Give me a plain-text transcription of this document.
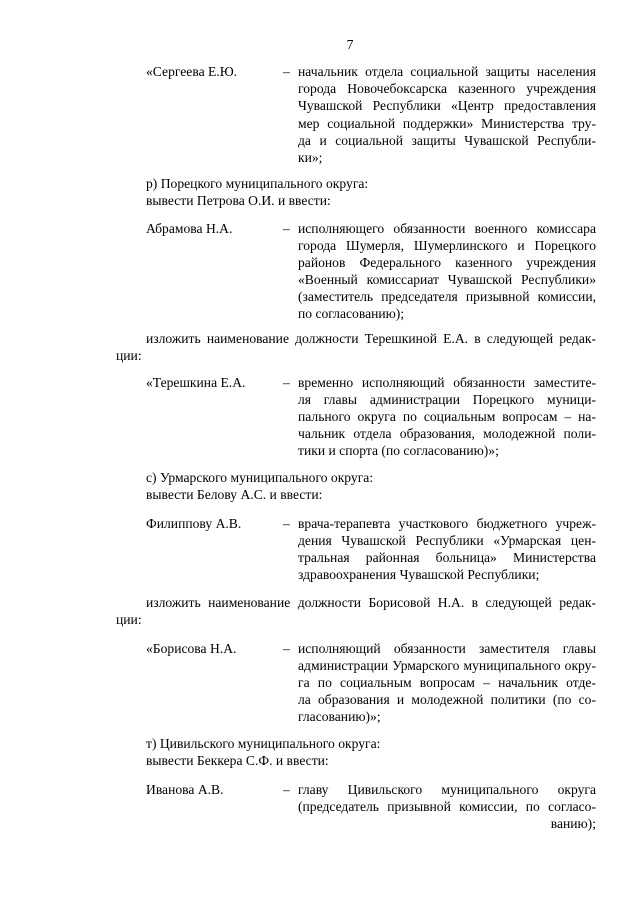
7
«Сергеева Е.Ю.	– начальник отдела социальной защиты населения
города Новочебоксарска казенного учреждения
Чувашской Республики «Центр предоставления
мер социальной поддержки» Министерства тру-
да и социальной защиты Чувашской Республи-
ки»;
р) Порецкого муниципального округа:
вывести Петрова О.И. и ввести:
Абрамова Н.А.	– исполняющего обязанности военного комиссара
города Шумерля, Шумерлинского и Порецкого
районов Федерального казенного учреждения
«Военный комиссариат Чувашской Республики»
(заместитель председателя призывной комиссии,
по согласованию);
изложить наименование должности Терешкиной Е.А. в следующей редак-
ции:
«Терешкина Е.А.	– временно исполняющий обязанности заместите-
ля главы администрации Порецкого муници-
пального округа по социальным вопросам – на-
чальник отдела образования, молодежной поли-
тики и спорта (по согласованию)»;
с) Урмарского муниципального округа:
вывести Белову А.С. и ввести:
Филиппову А.В.	– врача-терапевта участкового бюджетного учреж-
дения Чувашской Республики «Урмарская цен-
тральная районная больница» Министерства
здравоохранения Чувашской Республики;
изложить наименование должности Борисовой Н.А. в следующей редак-
ции:
«Борисова Н.А.	– исполняющий обязанности заместителя главы
администрации Урмарского муниципального окру-
га по социальным вопросам – начальник отде-
ла образования и молодежной политики (по со-
гласованию)»;
т) Цивильского муниципального округа:
вывести Беккера С.Ф. и ввести:
Иванова А.В.	– главу Цивильского муниципального округа
(председатель призывной комиссии, по согласо-
ванию);
